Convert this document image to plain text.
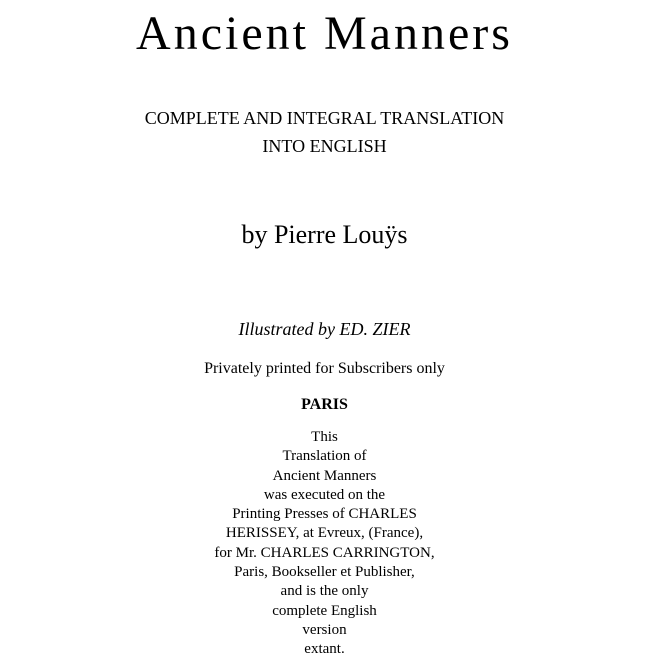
Ancient Manners
COMPLETE AND INTEGRAL TRANSLATION
INTO ENGLISH
by Pierre Louÿs
Illustrated by ED. ZIER
Privately printed for Subscribers only
PARIS
This
Translation of
Ancient Manners
was executed on the
Printing Presses of CHARLES
HERISSEY, at Evreux, (France),
for Mr. CHARLES CARRINGTON,
Paris, Bookseller et Publisher,
and is the only
complete English
version
extant.
